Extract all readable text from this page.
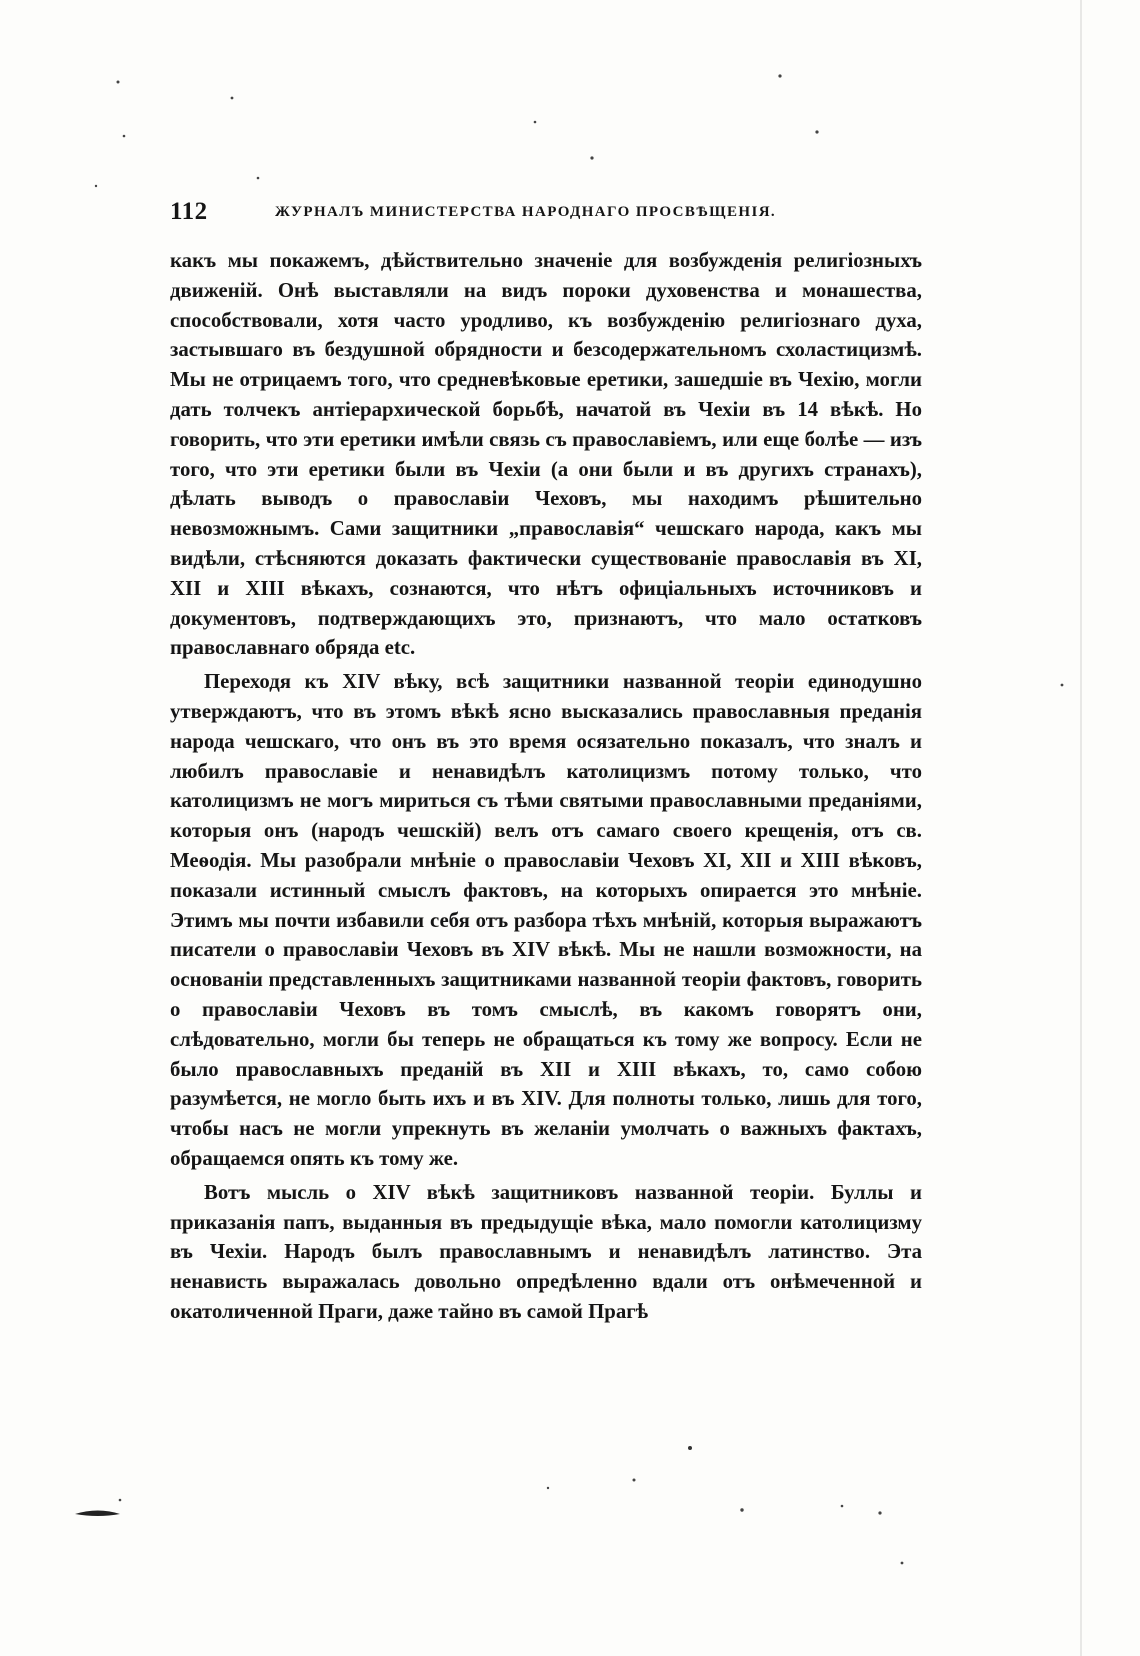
112	ЖУРНАЛЪ МИНИСТЕРСТВА НАРОДНАГО ПРОСВѢЩЕНІЯ.

какъ мы покажемъ, дѣйствительно значеніе для возбужденія религіозныхъ движеній. Онѣ выставляли на видъ пороки духовенства и монашества, способствовали, хотя часто уродливо, къ возбужденію религіознаго духа, застывшаго въ бездушной обрядности и безсодержательномъ схоластицизмѣ. Мы не отрицаемъ того, что средневѣковые еретики, зашедшіе въ Чехію, могли дать толчекъ антіерархической борьбѣ, начатой въ Чехіи въ 14 вѣкѣ. Но говорить, что эти еретики имѣли связь съ православіемъ, или еще болѣе — изъ того, что эти еретики были въ Чехіи (а они были и въ другихъ странахъ), дѣлать выводъ о православіи Чеховъ, мы находимъ рѣшительно невозможнымъ. Сами защитники „православія“ чешскаго народа, какъ мы видѣли, стѣсняются доказать фактически существованіе православія въ XI, XII и XIII вѣкахъ, сознаются, что нѣтъ офиціальныхъ источниковъ и документовъ, подтверждающихъ это, признаютъ, что мало остатковъ православнаго обряда etc.

Переходя къ XIV вѣку, всѣ защитники названной теоріи единодушно утверждаютъ, что въ этомъ вѣкѣ ясно высказались православныя преданія народа чешскаго, что онъ въ это время осязательно показалъ, что зналъ и любилъ православіе и ненавидѣлъ католицизмъ потому только, что католицизмъ не могъ мириться съ тѣми святыми православными преданіями, которыя онъ (народъ чешскій) велъ отъ самаго своего крещенія, отъ св. Меѳодія. Мы разобрали мнѣніе о православіи Чеховъ XI, XII и XIII вѣковъ, показали истинный смыслъ фактовъ, на которыхъ опирается это мнѣніе. Этимъ мы почти избавили себя отъ разбора тѣхъ мнѣній, которыя выражаютъ писатели о православіи Чеховъ въ XIV вѣкѣ. Мы не нашли возможности, на основаніи представленныхъ защитниками названной теоріи фактовъ, говорить о православіи Чеховъ въ томъ смыслѣ, въ какомъ говорятъ они, слѣдовательно, могли бы теперь не обращаться къ тому же вопросу. Если не было православныхъ преданій въ XII и XIII вѣкахъ, то, само собою разумѣется, не могло быть ихъ и въ XIV. Для полноты только, лишь для того, чтобы насъ не могли упрекнуть въ желаніи умолчать о важныхъ фактахъ, обращаемся опять къ тому же.

Вотъ мысль о XIV вѣкѣ защитниковъ названной теоріи. Буллы и приказанія папъ, выданныя въ предыдущіе вѣка, мало помогли католицизму въ Чехіи. Народъ былъ православнымъ и ненавидѣлъ латинство. Эта ненависть выражалась довольно опредѣленно вдали отъ онѣмеченной и окатоличенной Праги, даже тайно въ самой Прагѣ
